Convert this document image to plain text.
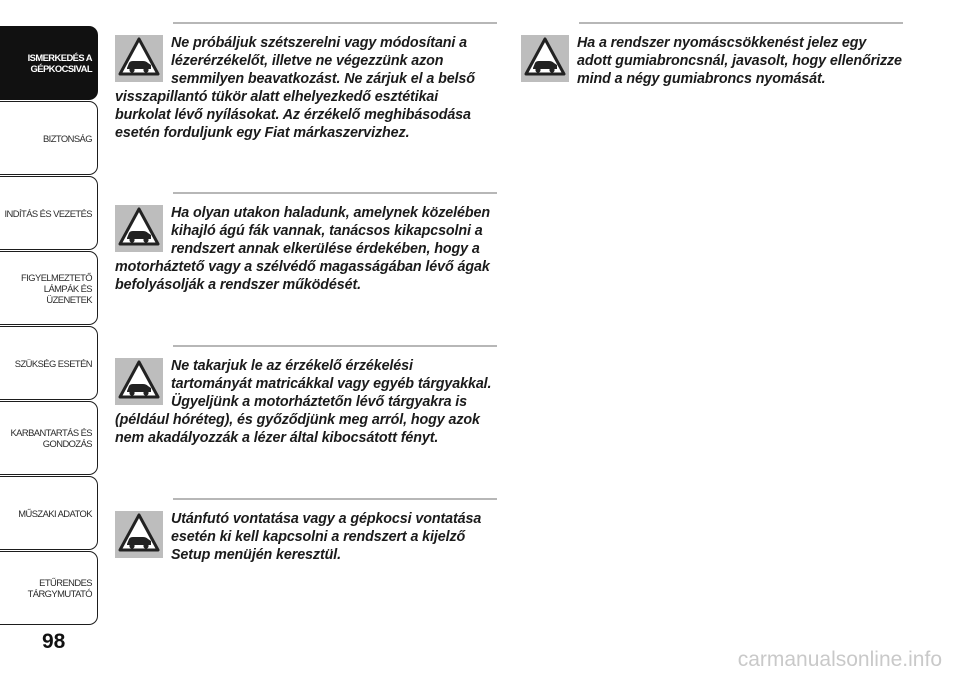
ISMERKEDÉS A
GÉPKOCSIVAL
BIZTONSÁG
INDÍTÁS ÉS VEZETÉS
FIGYELMEZTETŐ
LÁMPÁK ÉS
ÜZENETEK
SZÜKSÉG ESETÉN
KARBANTARTÁS ÉS
GONDOZÁS
MŰSZAKI ADATOK
ETŰRENDES
TÁRGYMUTATÓ
98
Ne próbáljuk szétszerelni vagy módosítani a lézerérzékelőt, illetve ne végezzünk azon semmilyen beavatkozást. Ne zárjuk el a belső visszapillantó tükör alatt elhelyezkedő esztétikai burkolat lévő nyílásokat. Az érzékelő meghibásodása esetén forduljunk egy Fiat márkaszervizhez.
Ha olyan utakon haladunk, amelynek közelében kihajló ágú fák vannak, tanácsos kikapcsolni a rendszert annak elkerülése érdekében, hogy a motorháztető vagy a szélvédő magasságában lévő ágak befolyásolják a rendszer működését.
Ne takarjuk le az érzékelő érzékelési tartományát matricákkal vagy egyéb tárgyakkal. Ügyeljünk a motorháztetőn lévő tárgyakra is (például hóréteg), és győződjünk meg arról, hogy azok nem akadályozzák a lézer által kibocsátott fényt.
Utánfutó vontatása vagy a gépkocsi vontatása esetén ki kell kapcsolni a rendszert a kijelző Setup menüjén keresztül.
Ha a rendszer nyomáscsökkenést jelez egy adott gumiabroncsnál, javasolt, hogy ellenőrizze mind a négy gumiabroncs nyomását.
carmanualsonline.info
